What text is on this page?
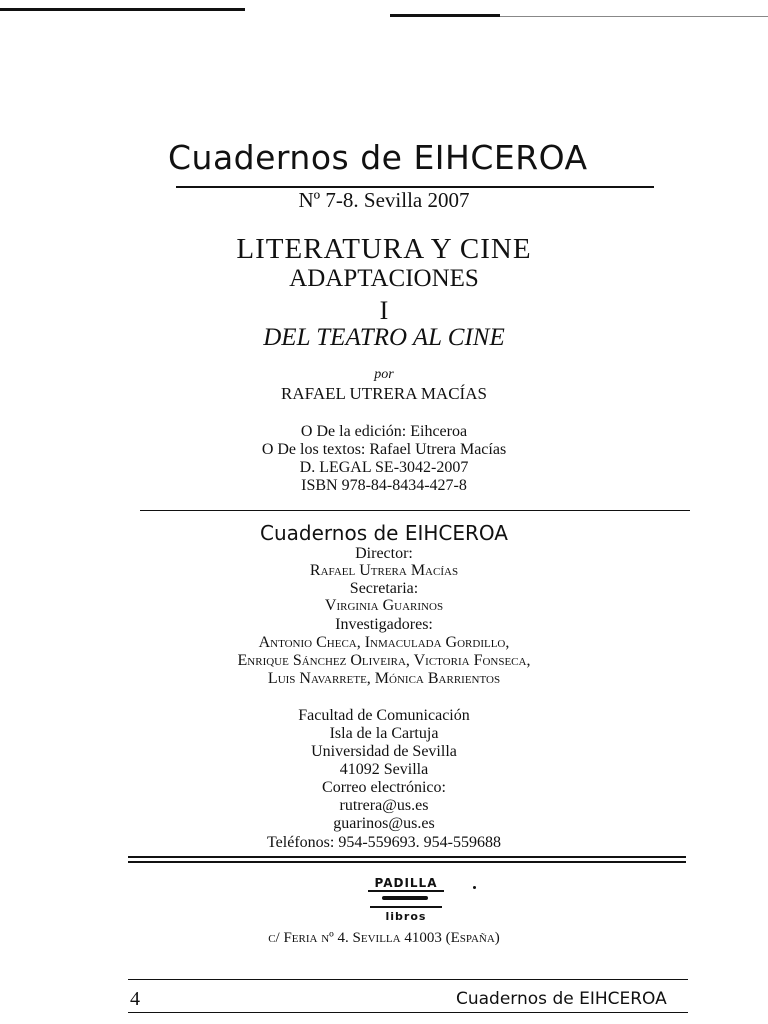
Cuadernos de EIHCEROA
Nº 7-8. Sevilla 2007
LITERATURA Y CINE
ADAPTACIONES
I
DEL TEATRO AL CINE
por
RAFAEL UTRERA MACÍAS
O De la edición: Eihceroa
O De los textos: Rafael Utrera Macías
D. LEGAL SE-3042-2007
ISBN 978-84-8434-427-8
Cuadernos de EIHCEROA
Director:
Rafael Utrera Macías
Secretaria:
Virginia Guarinos
Investigadores:
Antonio Checa, Inmaculada Gordillo,
Enrique Sánchez Oliveira, Victoria Fonseca,
Luis Navarrete, Mónica Barrientos
Facultad de Comunicación
Isla de la Cartuja
Universidad de Sevilla
41092 Sevilla
Correo electrónico:
rutrera@us.es
guarinos@us.es
Teléfonos: 954-559693. 954-559688
PADILLA
libros
c/ Feria nº 4. Sevilla 41003 (España)
4	Cuadernos de EIHCEROA
